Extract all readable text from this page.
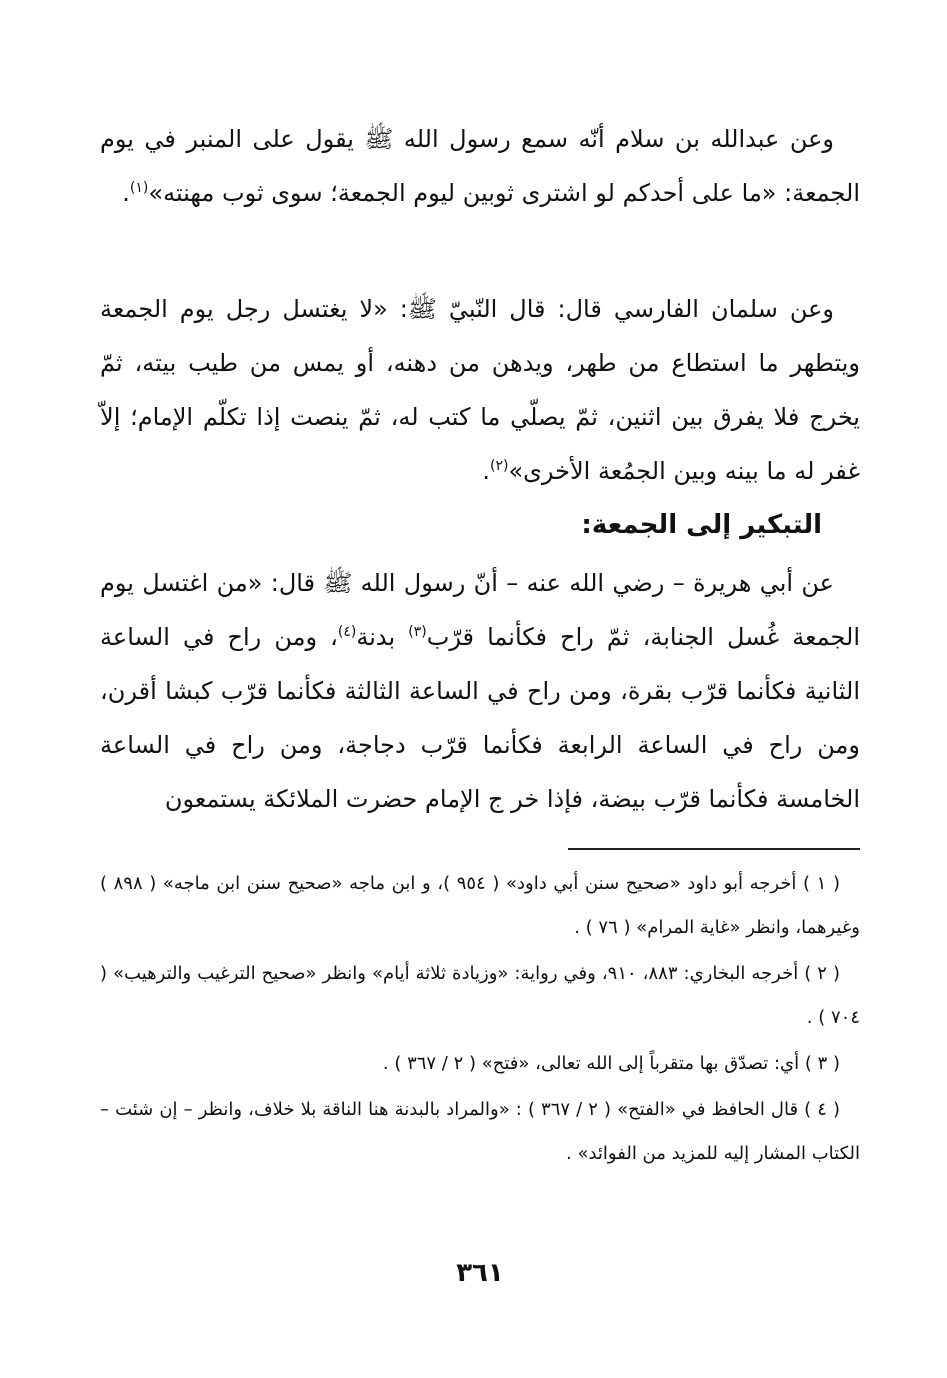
وعن عبدالله بن سلام أنّه سمع رسول الله ﷺ يقول على المنبر في يوم الجمعة: «ما على أحدكم لو اشترى ثوبين ليوم الجمعة؛ سوى ثوب مهنته»$^{(١)}$.

وعن سلمان الفارسي قال: قال النّبيّ ﷺ: «لا يغتسل رجل يوم الجمعة ويتطهر ما استطاع من طهر، ويدهن من دهنه، أو يمس من طيب بيته، ثمّ يخرج فلا يفرق بين اثنين، ثمّ يصلّي ما كتب له، ثمّ ينصت إذا تكلّم الإمام؛ إلاّ غفر له ما بينه وبين الجمُعة الأخرى»$^{(٢)}$.

التبكير إلى الجمعة:

عن أبي هريرة – رضي الله عنه – أنّ رسول الله ﷺ قال: «من اغتسل يوم الجمعة غُسل الجنابة، ثمّ راح فكأنما قرّب$^{(٣)}$ بدنة$^{(٤)}$، ومن راح في الساعة الثانية فكأنما قرّب بقرة، ومن راح في الساعة الثالثة فكأنما قرّب كبشا أقرن، ومن راح في الساعة الرابعة فكأنما قرّب دجاجة، ومن راح في الساعة الخامسة فكأنما قرّب بيضة، فإذا خر ج الإمام حضرت الملائكة يستمعون

( ١ ) أخرجه أبو داود «صحيح سنن أبي داود» ( ٩٥٤ )، و ابن ماجه «صحيح سنن ابن ماجه» ( ٨٩٨ ) وغيرهما، وانظر «غاية المرام» ( ٧٦ ) .

( ٢ ) أخرجه البخاري: ٨٨٣، ٩١٠، وفي رواية: «وزيادة ثلاثة أيام» وانظر «صحيح الترغيب والترهيب» ( ٧٠٤ ) .

( ٣ ) أي: تصدّق بها متقرباً إلى الله تعالى، «فتح» ( ٢ / ٣٦٧ ) .

( ٤ ) قال الحافظ في «الفتح» ( ٢ / ٣٦٧ ) : «والمراد بالبدنة هنا الناقة بلا خلاف، وانظر – إن شئت – الكتاب المشار إليه للمزيد من الفوائد» .

٣٦١
